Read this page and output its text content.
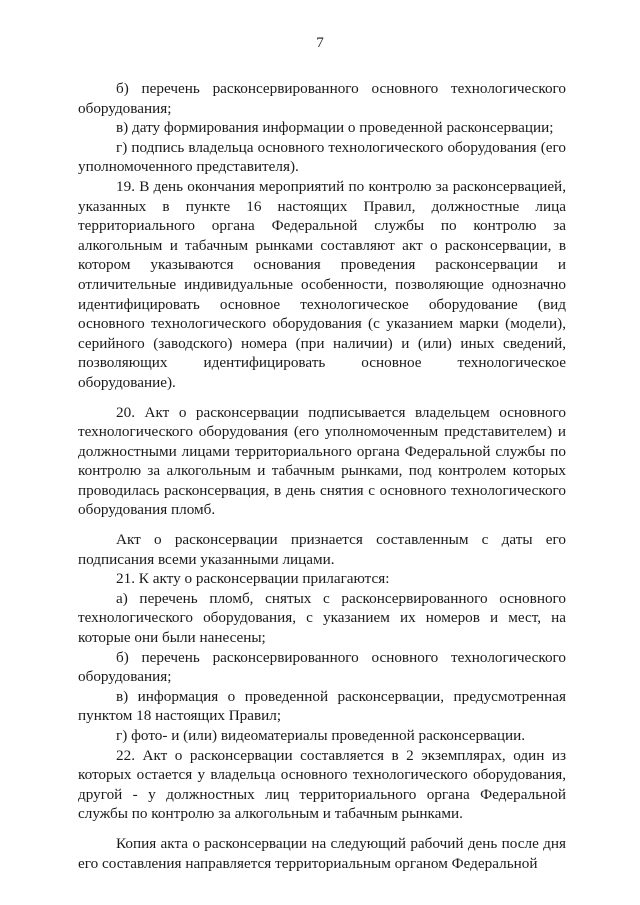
7

б) перечень расконсервированного основного технологического оборудования;

в) дату формирования информации о проведенной расконсервации;

г) подпись владельца основного технологического оборудования (его уполномоченного представителя).

19. В день окончания мероприятий по контролю за расконсервацией, указанных в пункте 16 настоящих Правил, должностные лица территориального органа Федеральной службы по контролю за алкогольным и табачным рынками составляют акт о расконсервации, в котором указываются основания проведения расконсервации и отличительные индивидуальные особенности, позволяющие однозначно идентифицировать основное технологическое оборудование (вид основного технологического оборудования (с указанием марки (модели), серийного (заводского) номера (при наличии) и (или) иных сведений, позволяющих идентифицировать основное технологическое оборудование).

20. Акт о расконсервации подписывается владельцем основного технологического оборудования (его уполномоченным представителем) и должностными лицами территориального органа Федеральной службы по контролю за алкогольным и табачным рынками, под контролем которых проводилась расконсервация, в день снятия с основного технологического оборудования пломб.

Акт о расконсервации признается составленным с даты его подписания всеми указанными лицами.

21. К акту о расконсервации прилагаются:

а) перечень пломб, снятых с расконсервированного основного технологического оборудования, с указанием их номеров и мест, на которые они были нанесены;

б) перечень расконсервированного основного технологического оборудования;

в) информация о проведенной расконсервации, предусмотренная пунктом 18 настоящих Правил;

г) фото- и (или) видеоматериалы проведенной расконсервации.

22. Акт о расконсервации составляется в 2 экземплярах, один из которых остается у владельца основного технологического оборудования, другой - у должностных лиц территориального органа Федеральной службы по контролю за алкогольным и табачным рынками.

Копия акта о расконсервации на следующий рабочий день после дня его составления направляется территориальным органом Федеральной
